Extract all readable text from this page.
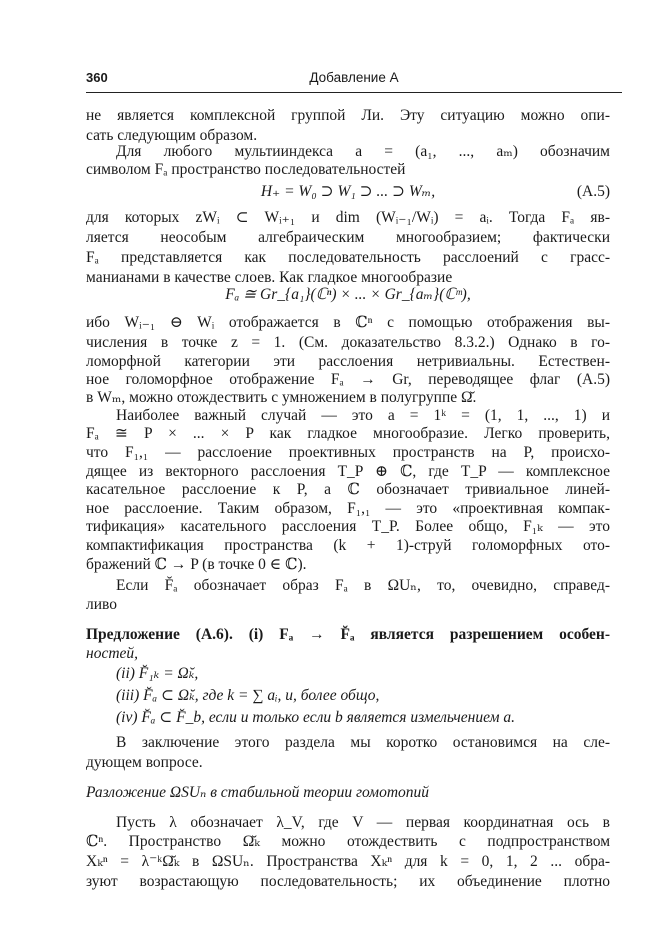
360	Добавление А
не является комплексной группой Ли. Эту ситуацию можно опи-
сать следующим образом.
Для любого мультииндекса a = (a₁, ..., aₘ) обозначим
символом Fₐ пространство последовательностей
H₊ = W₀ ⊃ W₁ ⊃ ... ⊃ Wₘ,	(А.5)
для которых zWᵢ ⊂ Wᵢ₊₁ и dim (Wᵢ₋₁/Wᵢ) = aᵢ. Тогда Fₐ яв-
ляется неособым алгебраическим многообразием; фактически
Fₐ представляется как последовательность расслоений с грасс-
манианами в качестве слоев. Как гладкое многообразие
Fₐ ≅ Gr_{a₁}(ℂⁿ) × ... × Gr_{aₘ}(ℂᵐ),
ибо Wᵢ₋₁ ⊖ Wᵢ отображается в ℂⁿ с помощью отображения вы-
числения в точке z = 1. (См. доказательство 8.3.2.) Однако в го-
ломорфной категории эти расслоения нетривиальны. Естествен-
ное голоморфное отображение Fₐ → Gr, переводящее флаг (А.5)
в Wₘ, можно отождествить с умножением в полугруппе Ω̆.
Наиболее важный случай — это a = 1ᵏ = (1, 1, ..., 1) и
Fₐ ≅ P × ... × P как гладкое многообразие. Легко проверить,
что F₁,₁ — расслоение проективных пространств на P, происхо-
дящее из векторного расслоения T_P ⊕ ℂ, где T_P — комплексное
касательное расслоение к P, а ℂ обозначает тривиальное линей-
ное расслоение. Таким образом, F₁,₁ — это «проективная компак-
тификация» касательного расслоения T_P. Более общо, F₁ₖ — это
компактификация пространства (k + 1)-струй голоморфных ото-
бражений ℂ → P (в точке 0 ∈ ℂ).
Если F̆ₐ обозначает образ Fₐ в ΩUₙ, то, очевидно, справед-
ливо
Предложение (А.6). (i) Fₐ → F̆ₐ является разрешением особен-
ностей,
(ii) F̆₁ₖ = Ω̆ₖ,
(iii) F̆ₐ ⊂ Ω̆ₖ, где k = ∑ aᵢ, и, более общо,
(iv) F̆ₐ ⊂ F̆_b, если и только если b является измельчением a.
В заключение этого раздела мы коротко остановимся на сле-
дующем вопросе.
Разложение ΩSUₙ в стабильной теории гомотопий
Пусть λ обозначает λ_V, где V — первая координатная ось в
ℂⁿ. Пространство Ω̆ₖ можно отождествить с подпространством
Xₖⁿ = λ⁻ᵏΩ̆ₖ в ΩSUₙ. Пространства Xₖⁿ для k = 0, 1, 2 ... обра-
зуют возрастающую последовательность; их объединение плотно
